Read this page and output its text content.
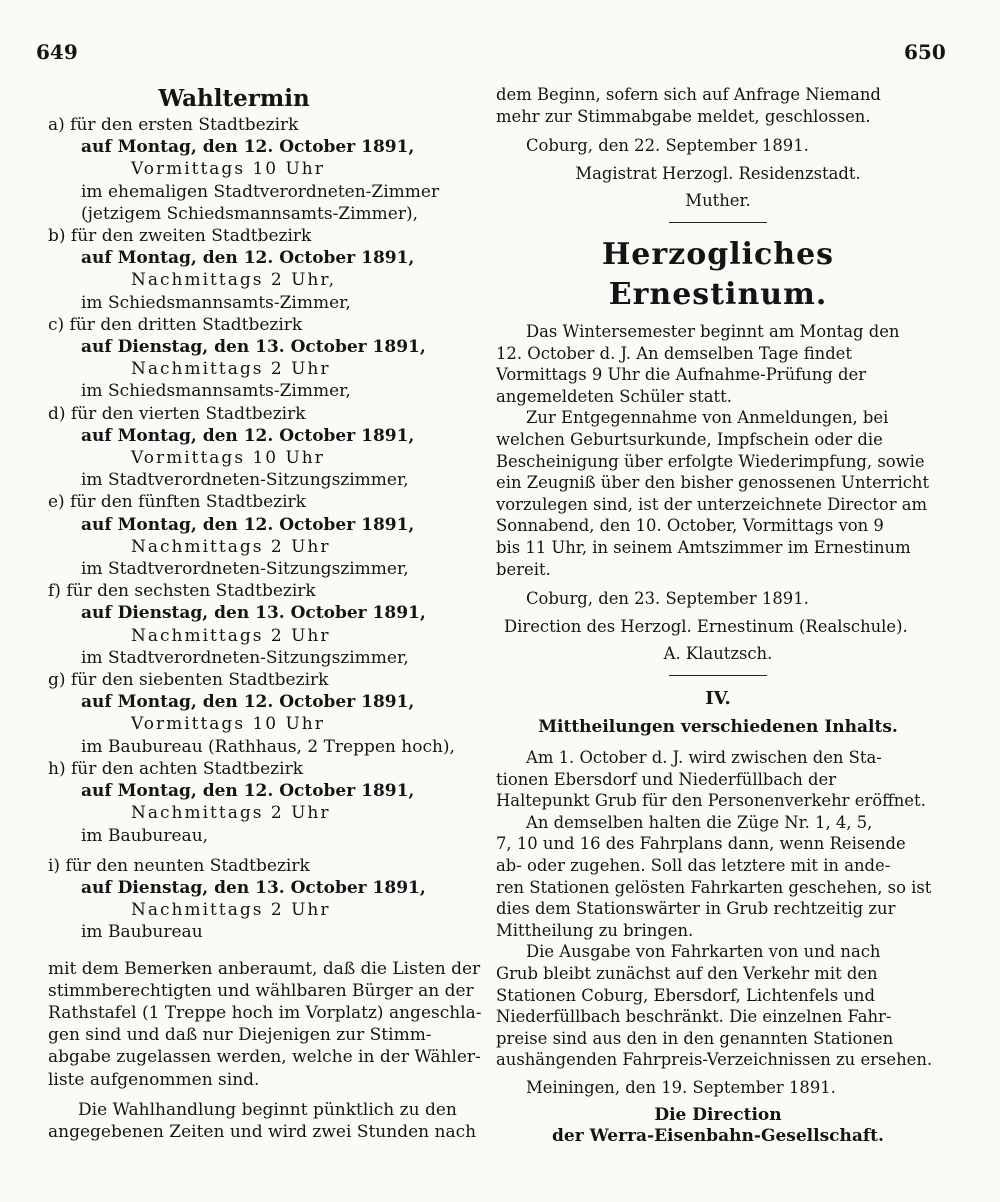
649	650
Wahltermin
a) für den ersten Stadtbezirk
auf Montag, den 12. October 1891,
Vormittags 10 Uhr
im ehemaligen Stadtverordneten-Zimmer
(jetzigem Schiedsmannsamts-Zimmer),
b) für den zweiten Stadtbezirk
auf Montag, den 12. October 1891,
Nachmittags 2 Uhr,
im Schiedsmannsamts-Zimmer,
c) für den dritten Stadtbezirk
auf Dienstag, den 13. October 1891,
Nachmittags 2 Uhr
im Schiedsmannsamts-Zimmer,
d) für den vierten Stadtbezirk
auf Montag, den 12. October 1891,
Vormittags 10 Uhr
im Stadtverordneten-Sitzungszimmer,
e) für den fünften Stadtbezirk
auf Montag, den 12. October 1891,
Nachmittags 2 Uhr
im Stadtverordneten-Sitzungszimmer,
f) für den sechsten Stadtbezirk
auf Dienstag, den 13. October 1891,
Nachmittags 2 Uhr
im Stadtverordneten-Sitzungszimmer,
g) für den siebenten Stadtbezirk
auf Montag, den 12. October 1891,
Vormittags 10 Uhr
im Baubureau (Rathhaus, 2 Treppen hoch),
h) für den achten Stadtbezirk
auf Montag, den 12. October 1891,
Nachmittags 2 Uhr
im Baubureau,
i) für den neunten Stadtbezirk
auf Dienstag, den 13. October 1891,
Nachmittags 2 Uhr
im Baubureau
mit dem Bemerken anberaumt, daß die Listen der
stimmberechtigten und wählbaren Bürger an der
Rathstafel (1 Treppe hoch im Vorplatz) angeschla-
gen sind und daß nur Diejenigen zur Stimm-
abgabe zugelassen werden, welche in der Wähler-
liste aufgenommen sind.
Die Wahlhandlung beginnt pünktlich zu den
angegebenen Zeiten und wird zwei Stunden nach
dem Beginn, sofern sich auf Anfrage Niemand
mehr zur Stimmabgabe meldet, geschlossen.
Coburg, den 22. September 1891.
Magistrat Herzogl. Residenzstadt.
Muther.
Herzogliches Ernestinum.
Das Wintersemester beginnt am Montag den
12. October d. J. An demselben Tage findet
Vormittags 9 Uhr die Aufnahme-Prüfung der
angemeldeten Schüler statt.
Zur Entgegennahme von Anmeldungen, bei
welchen Geburtsurkunde, Impfschein oder die
Bescheinigung über erfolgte Wiederimpfung, sowie
ein Zeugniß über den bisher genossenen Unterricht
vorzulegen sind, ist der unterzeichnete Director am
Sonnabend, den 10. October, Vormittags von 9
bis 11 Uhr, in seinem Amtszimmer im Ernestinum
bereit.
Coburg, den 23. September 1891.
Direction des Herzogl. Ernestinum (Realschule).
A. Klautzsch.
IV.
Mittheilungen verschiedenen Inhalts.
Am 1. October d. J. wird zwischen den Sta-
tionen Ebersdorf und Niederfüllbach der
Haltepunkt Grub für den Personenverkehr eröffnet.
An demselben halten die Züge Nr. 1, 4, 5,
7, 10 und 16 des Fahrplans dann, wenn Reisende
ab- oder zugehen. Soll das letztere mit in ande-
ren Stationen gelösten Fahrkarten geschehen, so ist
dies dem Stationswärter in Grub rechtzeitig zur
Mittheilung zu bringen.
Die Ausgabe von Fahrkarten von und nach
Grub bleibt zunächst auf den Verkehr mit den
Stationen Coburg, Ebersdorf, Lichtenfels und
Niederfüllbach beschränkt. Die einzelnen Fahr-
preise sind aus den in den genannten Stationen
aushängenden Fahrpreis-Verzeichnissen zu ersehen.
Meiningen, den 19. September 1891.
Die Direction
der Werra-Eisenbahn-Gesellschaft.
